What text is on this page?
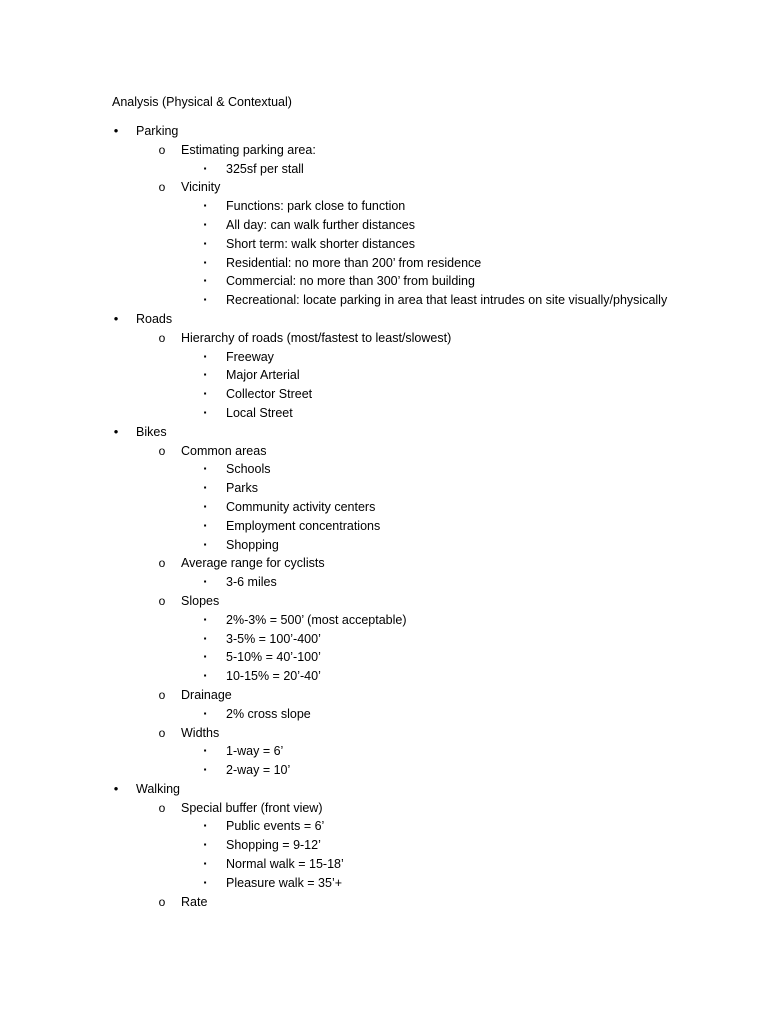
Analysis (Physical & Contextual)
• Parking
o Estimating parking area:
▪	325sf per stall
o Vicinity
▪	Functions: park close to function
▪	All day: can walk further distances
▪	Short term: walk shorter distances
▪	Residential: no more than 200’ from residence
▪	Commercial: no more than 300’ from building
▪	Recreational: locate parking in area that least intrudes on site visually/physically
• Roads
o Hierarchy of roads (most/fastest to least/slowest)
▪	Freeway
▪	Major Arterial
▪	Collector Street
▪	Local Street
• Bikes
o Common areas
▪	Schools
▪	Parks
▪	Community activity centers
▪	Employment concentrations
▪	Shopping
o Average range for cyclists
▪	3-6 miles
o Slopes
▪	2%-3% = 500’ (most acceptable)
▪	3-5% = 100’-400’
▪	5-10% = 40’-100’
▪	10-15% = 20’-40’
o Drainage
▪	2% cross slope
o Widths
▪	1-way = 6’
▪	2-way = 10’
• Walking
o Special buffer (front view)
▪	Public events = 6’
▪	Shopping = 9-12’
▪	Normal walk = 15-18’
▪	Pleasure walk = 35’+
o Rate
